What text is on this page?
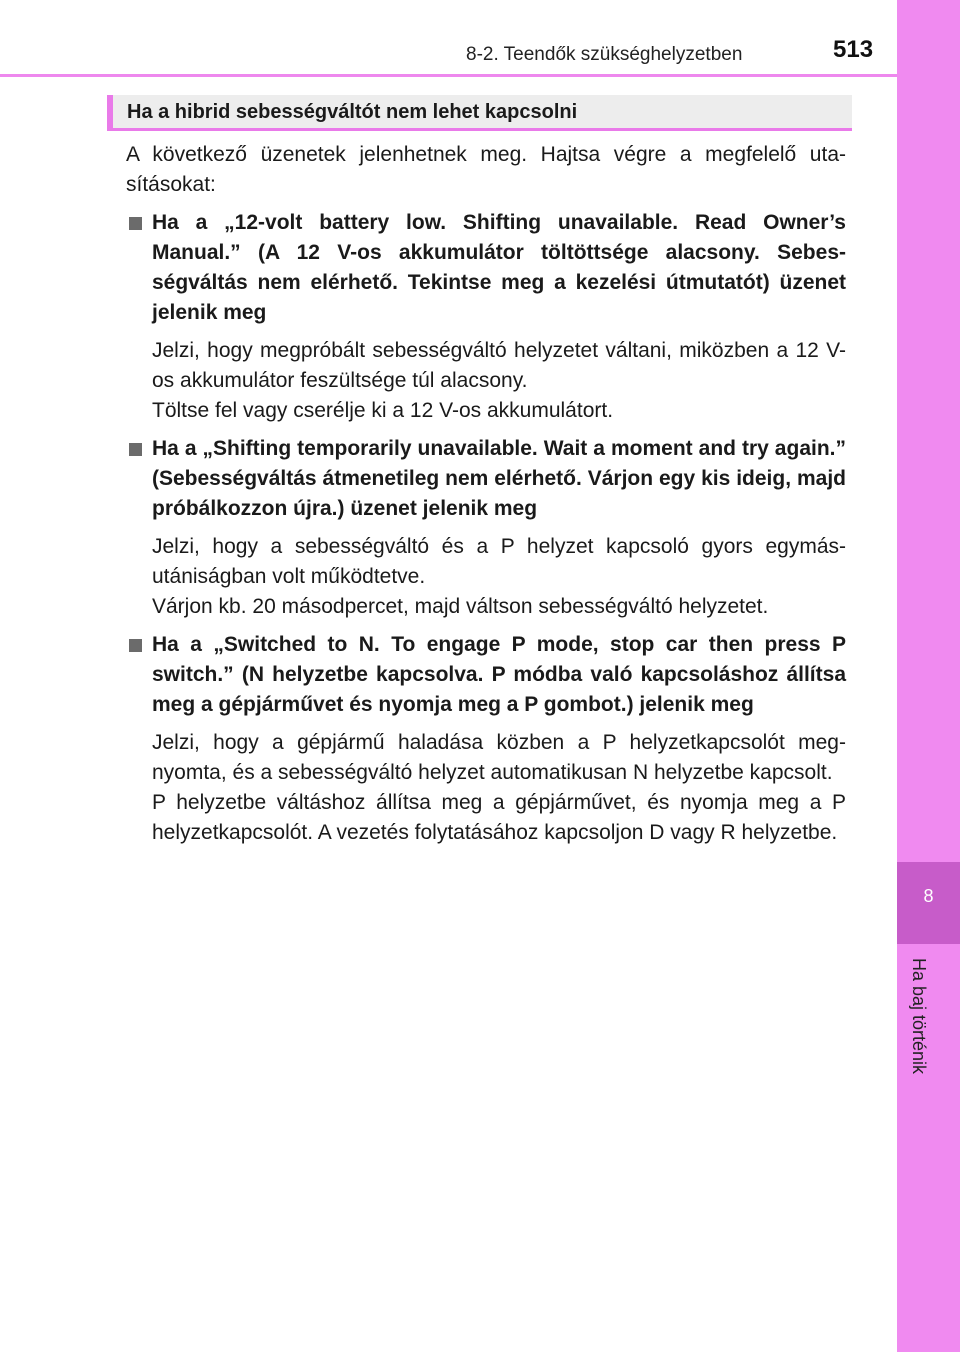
8-2. Teendők szükséghelyzetben	513
8
Ha baj történik
Ha a hibrid sebességváltót nem lehet kapcsolni

A következő üzenetek jelenhetnek meg. Hajtsa végre a megfelelő utasításokat:

Ha a „12-volt battery low. Shifting unavailable. Read Owner’s Manual.” (A 12 V-os akkumulátor töltöttsége alacsony. Sebességváltás nem elérhető. Tekintse meg a kezelési útmutatót) üzenet jelenik meg

Jelzi, hogy megpróbált sebességváltó helyzetet váltani, miközben a 12 V-os akkumulátor feszültsége túl alacsony.

Töltse fel vagy cserélje ki a 12 V-os akkumulátort.

Ha a „Shifting temporarily unavailable. Wait a moment and try again.” (Sebességváltás átmenetileg nem elérhető. Várjon egy kis ideig, majd próbálkozzon újra.) üzenet jelenik meg

Jelzi, hogy a sebességváltó és a P helyzet kapcsoló gyors egymásutániságban volt működtetve.

Várjon kb. 20 másodpercet, majd váltson sebességváltó helyzetet.

Ha a „Switched to N. To engage P mode, stop car then press P switch.” (N helyzetbe kapcsolva. P módba való kapcsoláshoz állítsa meg a gépjárművet és nyomja meg a P gombot.) jelenik meg

Jelzi, hogy a gépjármű haladása közben a P helyzetkapcsolót megnyomta, és a sebességváltó helyzet automatikusan N helyzetbe kapcsolt.

P helyzetbe váltáshoz állítsa meg a gépjárművet, és nyomja meg a P helyzetkapcsolót. A vezetés folytatásához kapcsoljon D vagy R helyzetbe.
